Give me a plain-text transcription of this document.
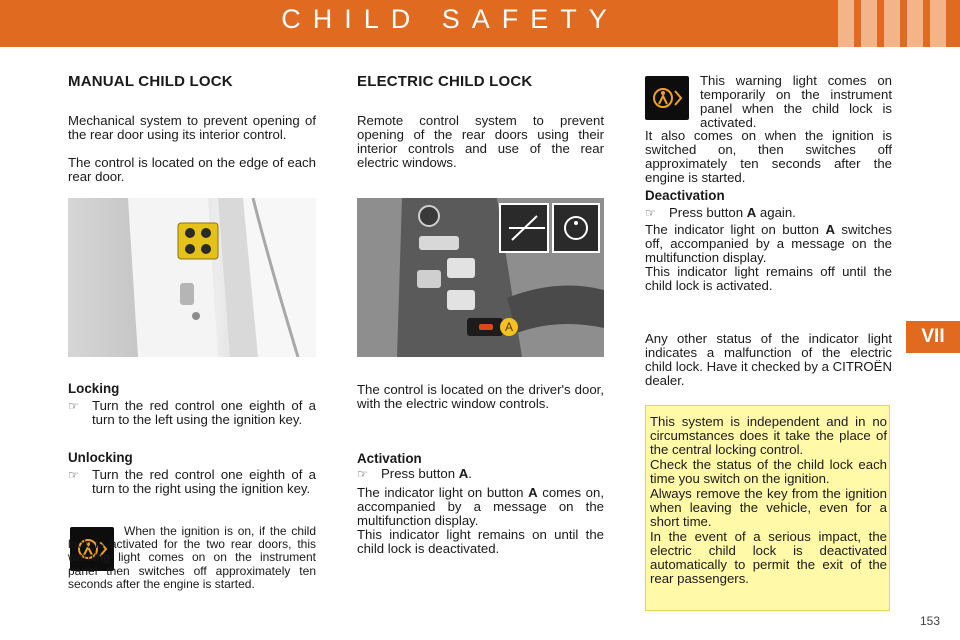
CHILD SAFETY
VII
MANUAL CHILD LOCK
Mechanical system to prevent opening of the rear door using its interior control.
The control is located on the edge of each rear door.
Locking
☞	Turn the red control one eighth of a turn to the left using the ignition key.
Unlocking
☞	Turn the red control one eighth of a turn to the right using the ignition key.
When the ignition is on, if the child lock is activated for the two rear doors, this warning light comes on on the instrument panel then switches off approximately ten seconds after the engine is started.
ELECTRIC CHILD LOCK
Remote control system to prevent opening of the rear doors using their interior controls and use of the rear electric windows.
A
The control is located on the driver's door, with the electric window controls.
Activation
☞	Press button A.
The indicator light on button A comes on, accompanied by a message on the multifunction display.
This indicator light remains on until the child lock is deactivated.
This warning light comes on temporarily on the instrument panel when the child lock is activated.
It also comes on when the ignition is switched on, then switches off approximately ten seconds after the engine is started.
Deactivation
☞	Press button A again.
The indicator light on button A switches off, accompanied by a message on the multifunction display.
This indicator light remains off until the child lock is activated.
Any other status of the indicator light indicates a malfunction of the electric child lock. Have it checked by a CITROËN dealer.
This system is independent and in no circumstances does it take the place of the central locking control.
Check the status of the child lock each time you switch on the ignition.
Always remove the key from the ignition when leaving the vehicle, even for a short time.
In the event of a serious impact, the electric child lock is deactivated automatically to permit the exit of the rear passengers.
153
